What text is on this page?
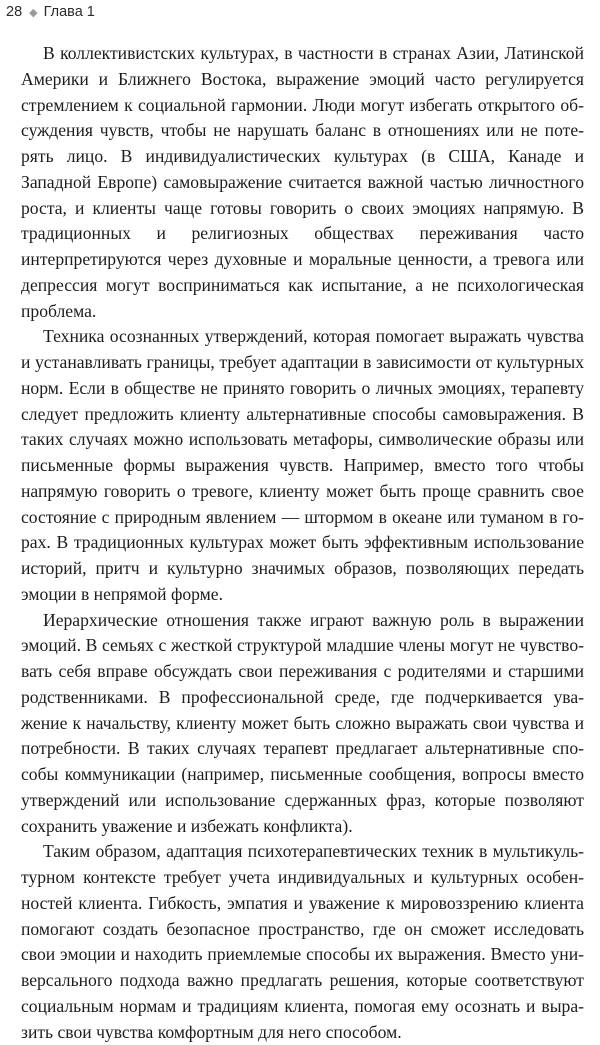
28 ◆ Глава 1

В коллективистских культурах, в частности в странах Азии, Латинской Америки и Ближнего Востока, выражение эмоций часто регулируется стремлением к социальной гармонии. Люди могут избегать открытого обсуждения чувств, чтобы не нарушать баланс в отношениях или не потерять лицо. В индивидуалистических культурах (в США, Канаде и Западной Европе) самовыражение считается важной частью личностного роста, и клиенты чаще готовы говорить о своих эмоциях напрямую. В традиционных и религиозных обществах переживания часто интерпретируются через духовные и моральные ценности, а тревога или депрессия могут восприниматься как испытание, а не психологическая проблема.

Техника осознанных утверждений, которая помогает выражать чувства и устанавливать границы, требует адаптации в зависимости от культурных норм. Если в обществе не принято говорить о личных эмоциях, терапевту следует предложить клиенту альтернативные способы самовыражения. В таких случаях можно использовать метафоры, символические образы или письменные формы выражения чувств. Например, вместо того чтобы напрямую говорить о тревоге, клиенту может быть проще сравнить свое состояние с природным явлением — штормом в океане или туманом в горах. В традиционных культурах может быть эффективным использование историй, притч и культурно значимых образов, позволяющих передать эмоции в непрямой форме.

Иерархические отношения также играют важную роль в выражении эмоций. В семьях с жесткой структурой младшие члены могут не чувствовать себя вправе обсуждать свои переживания с родителями и старшими родственниками. В профессиональной среде, где подчеркивается уважение к начальству, клиенту может быть сложно выражать свои чувства и потребности. В таких случаях терапевт предлагает альтернативные способы коммуникации (например, письменные сообщения, вопросы вместо утверждений или использование сдержанных фраз, которые позволяют сохранить уважение и избежать конфликта).

Таким образом, адаптация психотерапевтических техник в мультикультурном контексте требует учета индивидуальных и культурных особенностей клиента. Гибкость, эмпатия и уважение к мировоззрению клиента помогают создать безопасное пространство, где он сможет исследовать свои эмоции и находить приемлемые способы их выражения. Вместо универсального подхода важно предлагать решения, которые соответствуют социальным нормам и традициям клиента, помогая ему осознать и выразить свои чувства комфортным для него способом.
